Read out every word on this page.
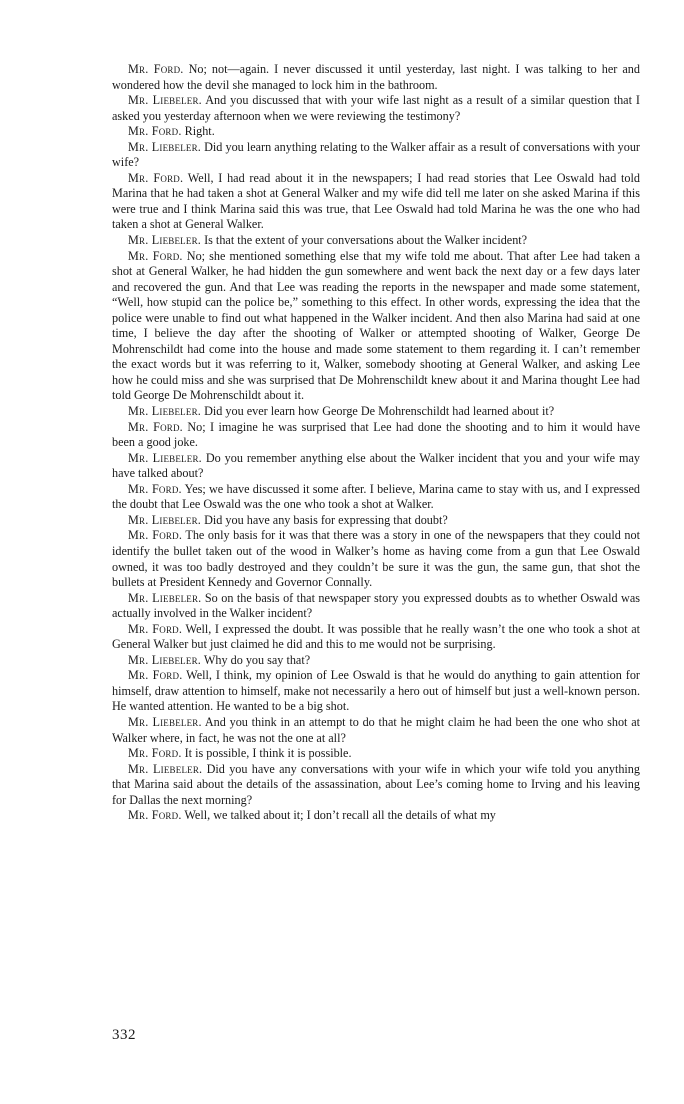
Mr. Ford. No; not—again. I never discussed it until yesterday, last night. I was talking to her and wondered how the devil she managed to lock him in the bathroom.

Mr. Liebeler. And you discussed that with your wife last night as a result of a similar question that I asked you yesterday afternoon when we were reviewing the testimony?

Mr. Ford. Right.

Mr. Liebeler. Did you learn anything relating to the Walker affair as a result of conversations with your wife?

Mr. Ford. Well, I had read about it in the newspapers; I had read stories that Lee Oswald had told Marina that he had taken a shot at General Walker and my wife did tell me later on she asked Marina if this were true and I think Marina said this was true, that Lee Oswald had told Marina he was the one who had taken a shot at General Walker.

Mr. Liebeler. Is that the extent of your conversations about the Walker incident?

Mr. Ford. No; she mentioned something else that my wife told me about. That after Lee had taken a shot at General Walker, he had hidden the gun somewhere and went back the next day or a few days later and recovered the gun. And that Lee was reading the reports in the newspaper and made some statement, “Well, how stupid can the police be,” something to this effect. In other words, expressing the idea that the police were unable to find out what happened in the Walker incident. And then also Marina had said at one time, I believe the day after the shooting of Walker or attempted shooting of Walker, George De Mohrenschildt had come into the house and made some statement to them regarding it. I can’t remember the exact words but it was referring to it, Walker, somebody shooting at General Walker, and asking Lee how he could miss and she was surprised that De Mohrenschildt knew about it and Marina thought Lee had told George De Mohrenschildt about it.

Mr. Liebeler. Did you ever learn how George De Mohrenschildt had learned about it?

Mr. Ford. No; I imagine he was surprised that Lee had done the shooting and to him it would have been a good joke.

Mr. Liebeler. Do you remember anything else about the Walker incident that you and your wife may have talked about?

Mr. Ford. Yes; we have discussed it some after. I believe, Marina came to stay with us, and I expressed the doubt that Lee Oswald was the one who took a shot at Walker.

Mr. Liebeler. Did you have any basis for expressing that doubt?

Mr. Ford. The only basis for it was that there was a story in one of the newspapers that they could not identify the bullet taken out of the wood in Walker’s home as having come from a gun that Lee Oswald owned, it was too badly destroyed and they couldn’t be sure it was the gun, the same gun, that shot the bullets at President Kennedy and Governor Connally.

Mr. Liebeler. So on the basis of that newspaper story you expressed doubts as to whether Oswald was actually involved in the Walker incident?

Mr. Ford. Well, I expressed the doubt. It was possible that he really wasn’t the one who took a shot at General Walker but just claimed he did and this to me would not be surprising.

Mr. Liebeler. Why do you say that?

Mr. Ford. Well, I think, my opinion of Lee Oswald is that he would do anything to gain attention for himself, draw attention to himself, make not necessarily a hero out of himself but just a well-known person. He wanted attention. He wanted to be a big shot.

Mr. Liebeler. And you think in an attempt to do that he might claim he had been the one who shot at Walker where, in fact, he was not the one at all?

Mr. Ford. It is possible, I think it is possible.

Mr. Liebeler. Did you have any conversations with your wife in which your wife told you anything that Marina said about the details of the assassination, about Lee’s coming home to Irving and his leaving for Dallas the next morning?

Mr. Ford. Well, we talked about it; I don’t recall all the details of what my

332
